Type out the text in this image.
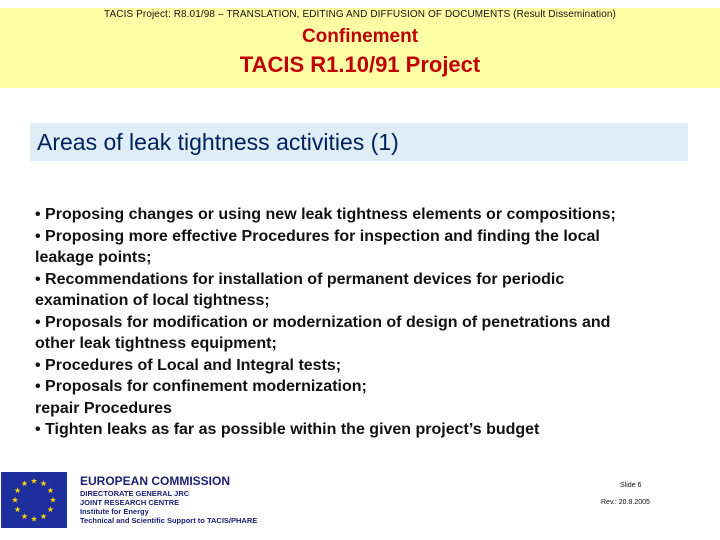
TACIS Project: R8.01/98 – TRANSLATION, EDITING AND DIFFUSION OF DOCUMENTS (Result Dissemination)
Confinement
TACIS R1.10/91 Project
Areas of leak tightness activities (1)
• Proposing changes or using new leak tightness elements or compositions;
• Proposing more effective Procedures for inspection and finding the local
leakage points;
• Recommendations for installation of permanent devices for periodic
examination of local tightness;
• Proposals for modification or modernization of design of penetrations and
other leak tightness equipment;
• Procedures of Local and Integral tests;
• Proposals for confinement modernization;
repair Procedures
• Tighten leaks as far as possible within the given project’s budget
EUROPEAN COMMISSION
DIRECTORATE GENERAL JRC
JOINT RESEARCH CENTRE
Institute for Energy
Technical and Scientific Support to TACIS/PHARE
Slide 6
Rev.: 20.8.2005
